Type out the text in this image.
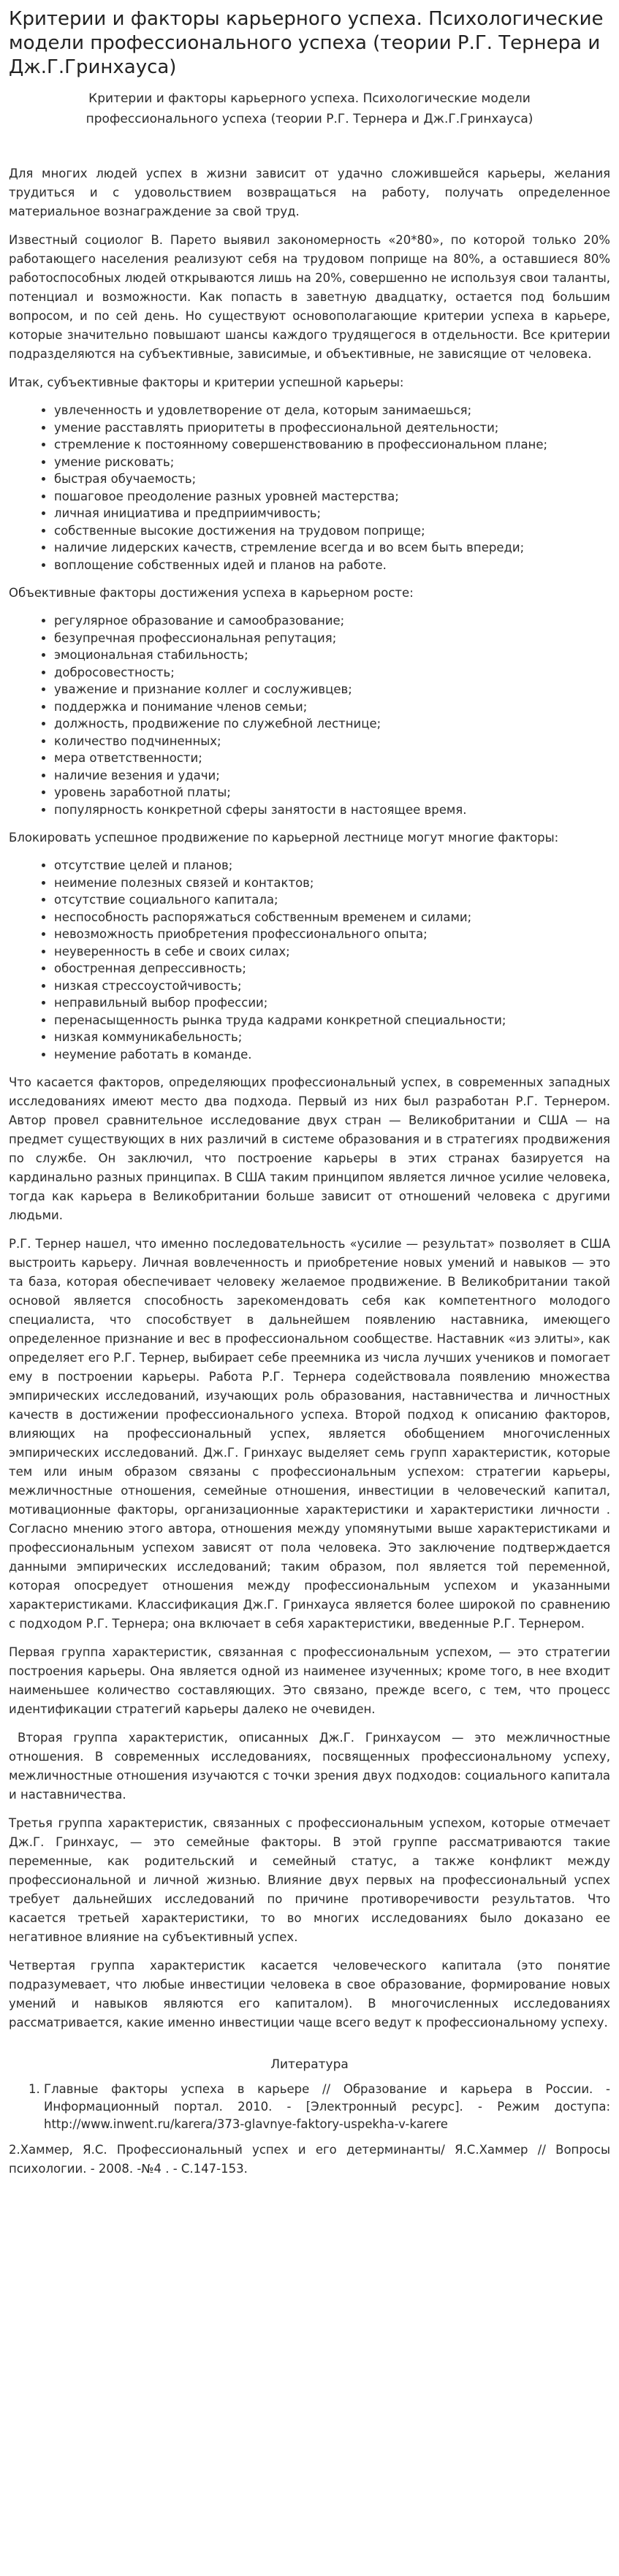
Критерии и факторы карьерного успеха. Психологические модели профессионального успеха (теории Р.Г. Тернера и Дж.Г.Гринхауса)
Критерии и факторы карьерного успеха. Психологические модели профессионального успеха (теории Р.Г. Тернера и Дж.Г.Гринхауса)

Для многих людей успех в жизни зависит от удачно сложившейся карьеры, желания трудиться и с удовольствием возвращаться на работу, получать определенное материальное вознаграждение за свой труд.

Известный социолог В. Парето выявил закономерность «20*80», по которой только 20% работающего населения реализуют себя на трудовом поприще на 80%, а оставшиеся 80% работоспособных людей открываются лишь на 20%, совершенно не используя свои таланты, потенциал и возможности. Как попасть в заветную двадцатку, остается под большим вопросом, и по сей день. Но существуют основополагающие критерии успеха в карьере, которые значительно повышают шансы каждого трудящегося в отдельности. Все критерии подразделяются на субъективные, зависимые, и объективные, не зависящие от человека.

Итак, субъективные факторы и критерии успешной карьеры:

• увлеченность и удовлетворение от дела, которым занимаешься;
• умение расставлять приоритеты в профессиональной деятельности;
• стремление к постоянному совершенствованию в профессиональном плане;
• умение рисковать;
• быстрая обучаемость;
• пошаговое преодоление разных уровней мастерства;
• личная инициатива и предприимчивость;
• собственные высокие достижения на трудовом поприще;
• наличие лидерских качеств, стремление всегда и во всем быть впереди;
• воплощение собственных идей и планов на работе.

Объективные факторы достижения успеха в карьерном росте:

• регулярное образование и самообразование;
• безупречная профессиональная репутация;
• эмоциональная стабильность;
• добросовестность;
• уважение и признание коллег и сослуживцев;
• поддержка и понимание членов семьи;
• должность, продвижение по служебной лестнице;
• количество подчиненных;
• мера ответственности;
• наличие везения и удачи;
• уровень заработной платы;
• популярность конкретной сферы занятости в настоящее время.

Блокировать успешное продвижение по карьерной лестнице могут многие факторы:

• отсутствие целей и планов;
• неимение полезных связей и контактов;
• отсутствие социального капитала;
• неспособность распоряжаться собственным временем и силами;
• невозможность приобретения профессионального опыта;
• неуверенность в себе и своих силах;
• обостренная депрессивность;
• низкая стрессоустойчивость;
• неправильный выбор профессии;
• перенасыщенность рынка труда кадрами конкретной специальности;
• низкая коммуникабельность;
• неумение работать в команде.

Что касается факторов, определяющих профессиональный успех, в современных западных исследованиях имеют место два подхода. Первый из них был разработан Р.Г. Тернером. Автор провел сравнительное исследование двух стран — Великобритании и США — на предмет существующих в них различий в системе образования и в стратегиях продвижения по службе. Он заключил, что построение карьеры в этих странах базируется на кардинально разных принципах. В США таким принципом является личное усилие человека, тогда как карьера в Великобритании больше зависит от отношений человека с другими людьми.

Р.Г. Тернер нашел, что именно последовательность «усилие — результат» позволяет в США выстроить карьеру. Личная вовлеченность и приобретение новых умений и навыков — это та база, которая обеспечивает человеку желаемое продвижение. В Великобритании такой основой является способность зарекомендовать себя как компетентного молодого специалиста, что способствует в дальнейшем появлению наставника, имеющего определенное признание и вес в профессиональном сообществе. Наставник «из элиты», как определяет его Р.Г. Тернер, выбирает себе преемника из числа лучших учеников и помогает ему в построении карьеры. Работа Р.Г. Тернера содействовала появлению множества эмпирических исследований, изучающих роль образования, наставничества и личностных качеств в достижении профессионального успеха. Второй подход к описанию факторов, влияющих на профессиональный успех, является обобщением многочисленных эмпирических исследований. Дж.Г. Гринхаус выделяет семь групп характеристик, которые тем или иным образом связаны с профессиональным успехом: стратегии карьеры, межличностные отношения, семейные отношения, инвестиции в человеческий капитал, мотивационные факторы, организационные характеристики и характеристики личности . Согласно мнению этого автора, отношения между упомянутыми выше характеристиками и профессиональным успехом зависят от пола человека. Это заключение подтверждается данными эмпирических исследований; таким образом, пол является той переменной, которая опосредует отношения между профессиональным успехом и указанными характеристиками. Классификация Дж.Г. Гринхауса является более широкой по сравнению с подходом Р.Г. Тернера; она включает в себя характеристики, введенные Р.Г. Тернером.

Первая группа характеристик, связанная с профессиональным успехом, — это стратегии построения карьеры. Она является одной из наименее изученных; кроме того, в нее входит наименьшее количество составляющих. Это связано, прежде всего, с тем, что процесс идентификации стратегий карьеры далеко не очевиден.

Вторая группа характеристик, описанных Дж.Г. Гринхаусом — это межличностные отношения. В современных исследованиях, посвященных профессиональному успеху, межличностные отношения изучаются с точки зрения двух подходов: социального капитала и наставничества.

Третья группа характеристик, связанных с профессиональным успехом, которые отмечает Дж.Г. Гринхаус, — это семейные факторы. В этой группе рассматриваются такие переменные, как родительский и семейный статус, а также конфликт между профессиональной и личной жизнью. Влияние двух первых на профессиональный успех требует дальнейших исследований по причине противоречивости результатов. Что касается третьей характеристики, то во многих исследованиях было доказано ее негативное влияние на субъективный успех.

Четвертая группа характеристик касается человеческого капитала (это понятие подразумевает, что любые инвестиции человека в свое образование, формирование новых умений и навыков являются его капиталом). В многочисленных исследованиях рассматривается, какие именно инвестиции чаще всего ведут к профессиональному успеху.

Литература
1. Главные факторы успеха в карьере // Образование и карьера в России. - Информационный портал. 2010. - [Электронный ресурс]. - Режим доступа: http://www.inwent.ru/karera/373-glavnye-faktory-uspekha-v-karere

2.Хаммер, Я.С. Профессиональный успех и его детерминанты/ Я.С.Хаммер // Вопросы психологии. - 2008. -№4 . - С.147-153.
